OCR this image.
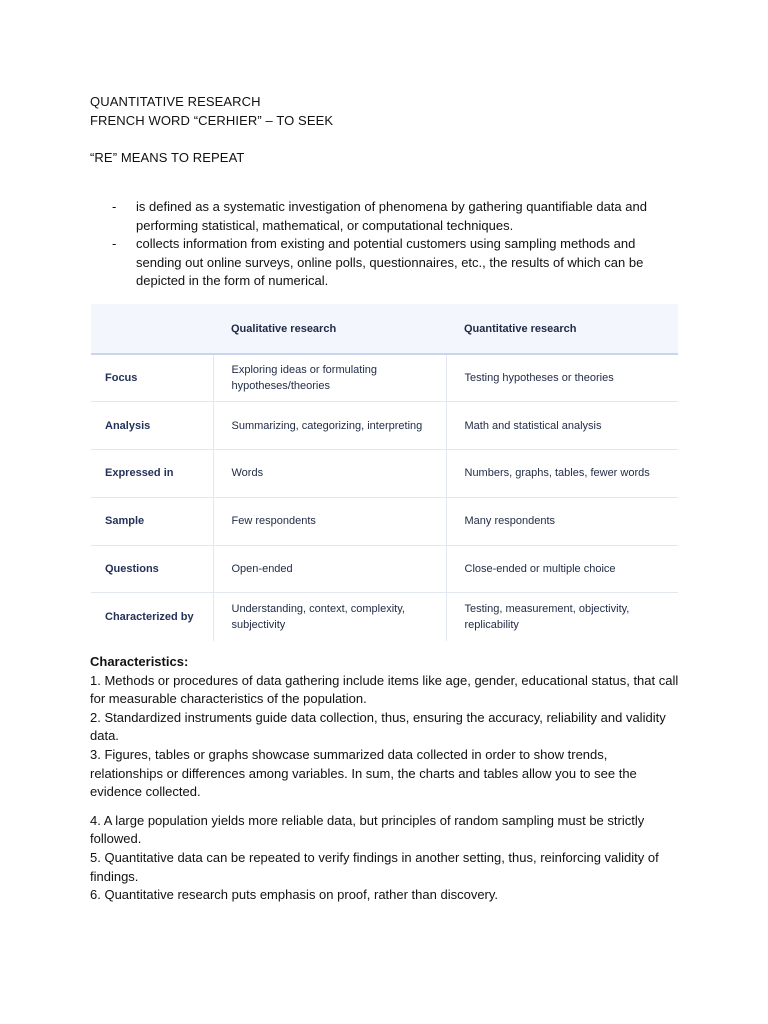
QUANTITATIVE RESEARCH
FRENCH WORD “CERHIER” – TO SEEK
“RE” MEANS TO REPEAT
- is defined as a systematic investigation of phenomena by gathering quantifiable data and performing statistical, mathematical, or computational techniques.
- collects information from existing and potential customers using sampling methods and sending out online surveys, online polls, questionnaires, etc., the results of which can be depicted in the form of numerical.
	Qualitative research	Quantitative research
Focus	Exploring ideas or formulating hypotheses/theories	Testing hypotheses or theories
Analysis	Summarizing, categorizing, interpreting	Math and statistical analysis
Expressed in	Words	Numbers, graphs, tables, fewer words
Sample	Few respondents	Many respondents
Questions	Open-ended	Close-ended or multiple choice
Characterized by	Understanding, context, complexity, subjectivity	Testing, measurement, objectivity, replicability

Characteristics:

1. Methods or procedures of data gathering include items like age, gender, educational status, that call for measurable characteristics of the population.

2. Standardized instruments guide data collection, thus, ensuring the accuracy, reliability and validity data.

3. Figures, tables or graphs showcase summarized data collected in order to show trends, relationships or differences among variables. In sum, the charts and tables allow you to see the evidence collected.

4. A large population yields more reliable data, but principles of random sampling must be strictly followed.

5. Quantitative data can be repeated to verify findings in another setting, thus, reinforcing validity of findings.

6. Quantitative research puts emphasis on proof, rather than discovery.
